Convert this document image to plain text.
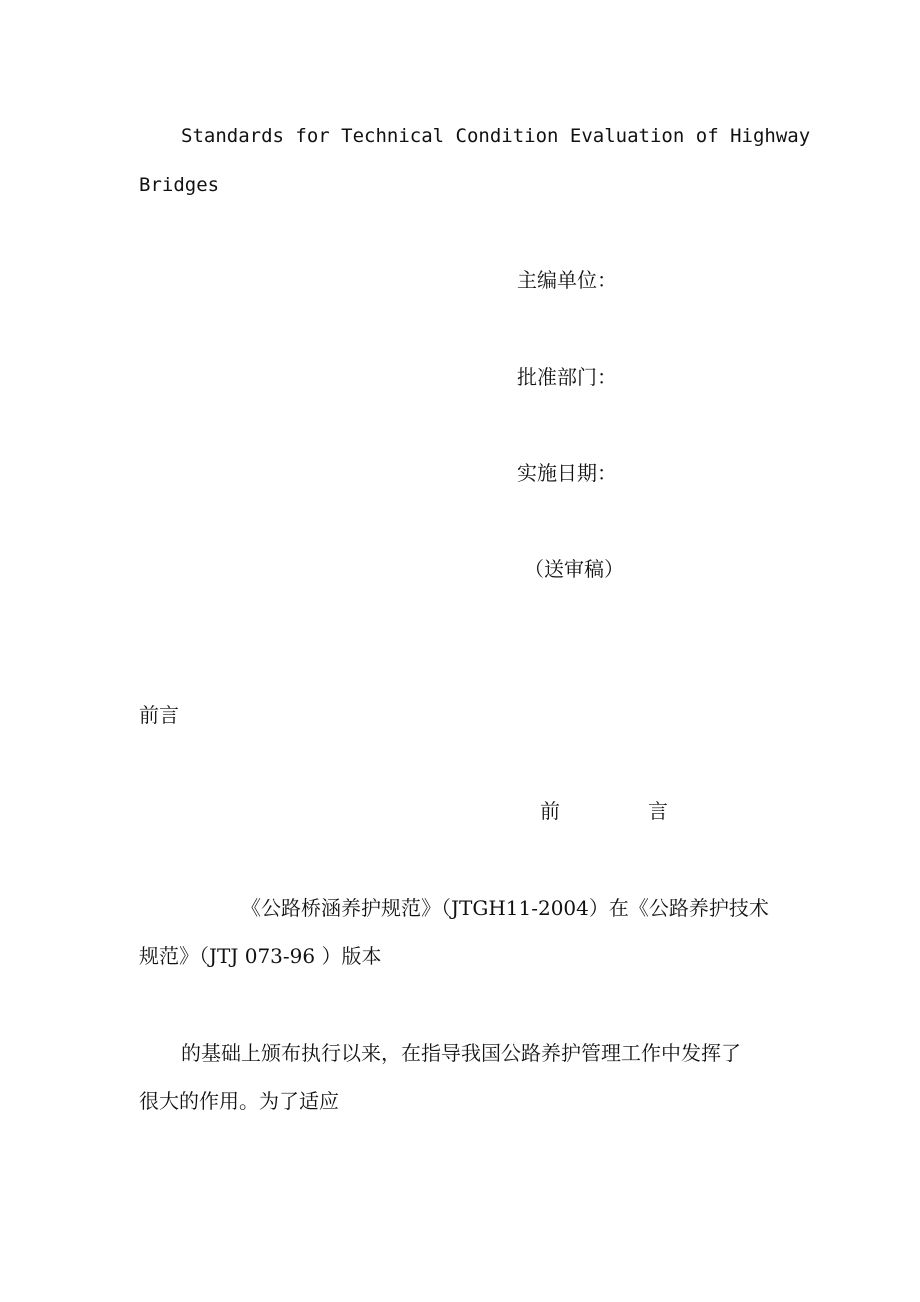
Standards for Technical Condition Evaluation of Highway
Bridges
主编单位：
批准部门：
实施日期：
（送审稿）
前言
前	言
《公路桥涵养护规范》（JTGH11-2004）在《公路养护技术
规范》（JTJ 073-96 ）版本
的基础上颁布执行以来，在指导我国公路养护管理工作中发挥了
很大的作用。为了适应
